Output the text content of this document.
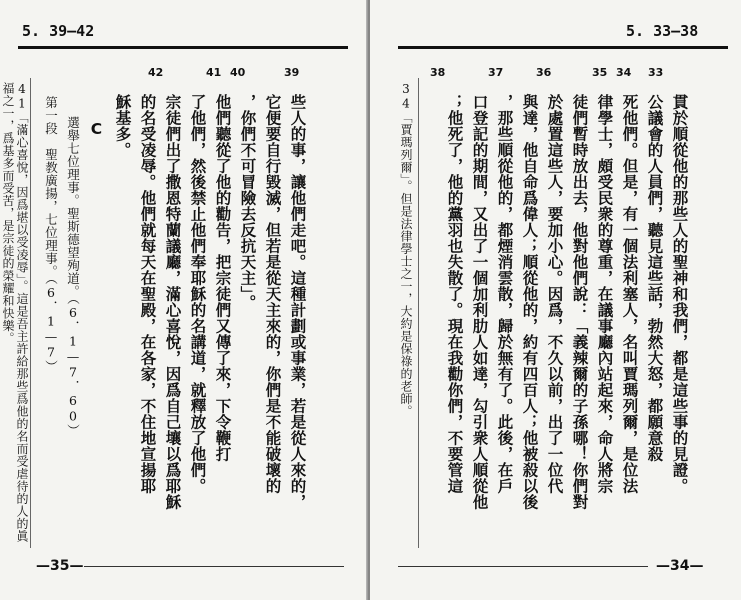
5. 39—42
42	41 40	39
些人的事，讓他們走吧。這種計劃或事業，若是從人來的，
它便要自行毀滅，但若是從天主來的，你們是不能破壞的
，你們不可冒險去反抗天主」。
他們聽從了他的勸告，把宗徒們又傳了來，下令鞭打
了他們，然後禁止他們奉耶穌的名講道，就釋放了他們。
宗徒們出了撒恩特蘭議廳，滿心喜悅，因爲自己壤以爲耶穌
的名受凌辱。他們就每天在聖殿，在各家，不住地宣揚耶
穌基多。
C
選舉七位理事。聖斯德望殉道。（6．1—7．60）
第一段　聖教廣揚，七位理事。（6．1—7）
41「滿心喜悅，因爲堪以受凌辱」。這是吾主許給那些爲他的名而受虐待的人的眞
福之一，爲基多而受苦，是宗徒的榮耀和快樂。
—35—
5. 33—38
38	37	36	35 34 33
貫於順從他的那些人的聖神和我們，都是這些事的見證。
公議會的人員們，聽見這些話，勃然大怒，都願意殺
死他們。但是，有一個法利塞人，名叫賈瑪列爾，是位法
律學士，頗受民衆的尊重，在議事廳內站起來，命人將宗
徒們暫時放出去，他對他們說：「義辣爾的子孫哪！你們對
於處置這些人，要加小心。因爲，不久以前，出了一位代
與達，他自命爲偉人；順從他的，約有四百人；他被殺以後
，那些順從他的，都煙消雲散，歸於無有了。此後，在戶
口登記的期間，又出了一個加利肋人如達，勾引衆人順從他
；他死了，他的黨羽也失散了。現在我勸你們，不要管這
34「賈瑪列爾」。但是法律學士之一，大約是保祿的老師。
—34—
